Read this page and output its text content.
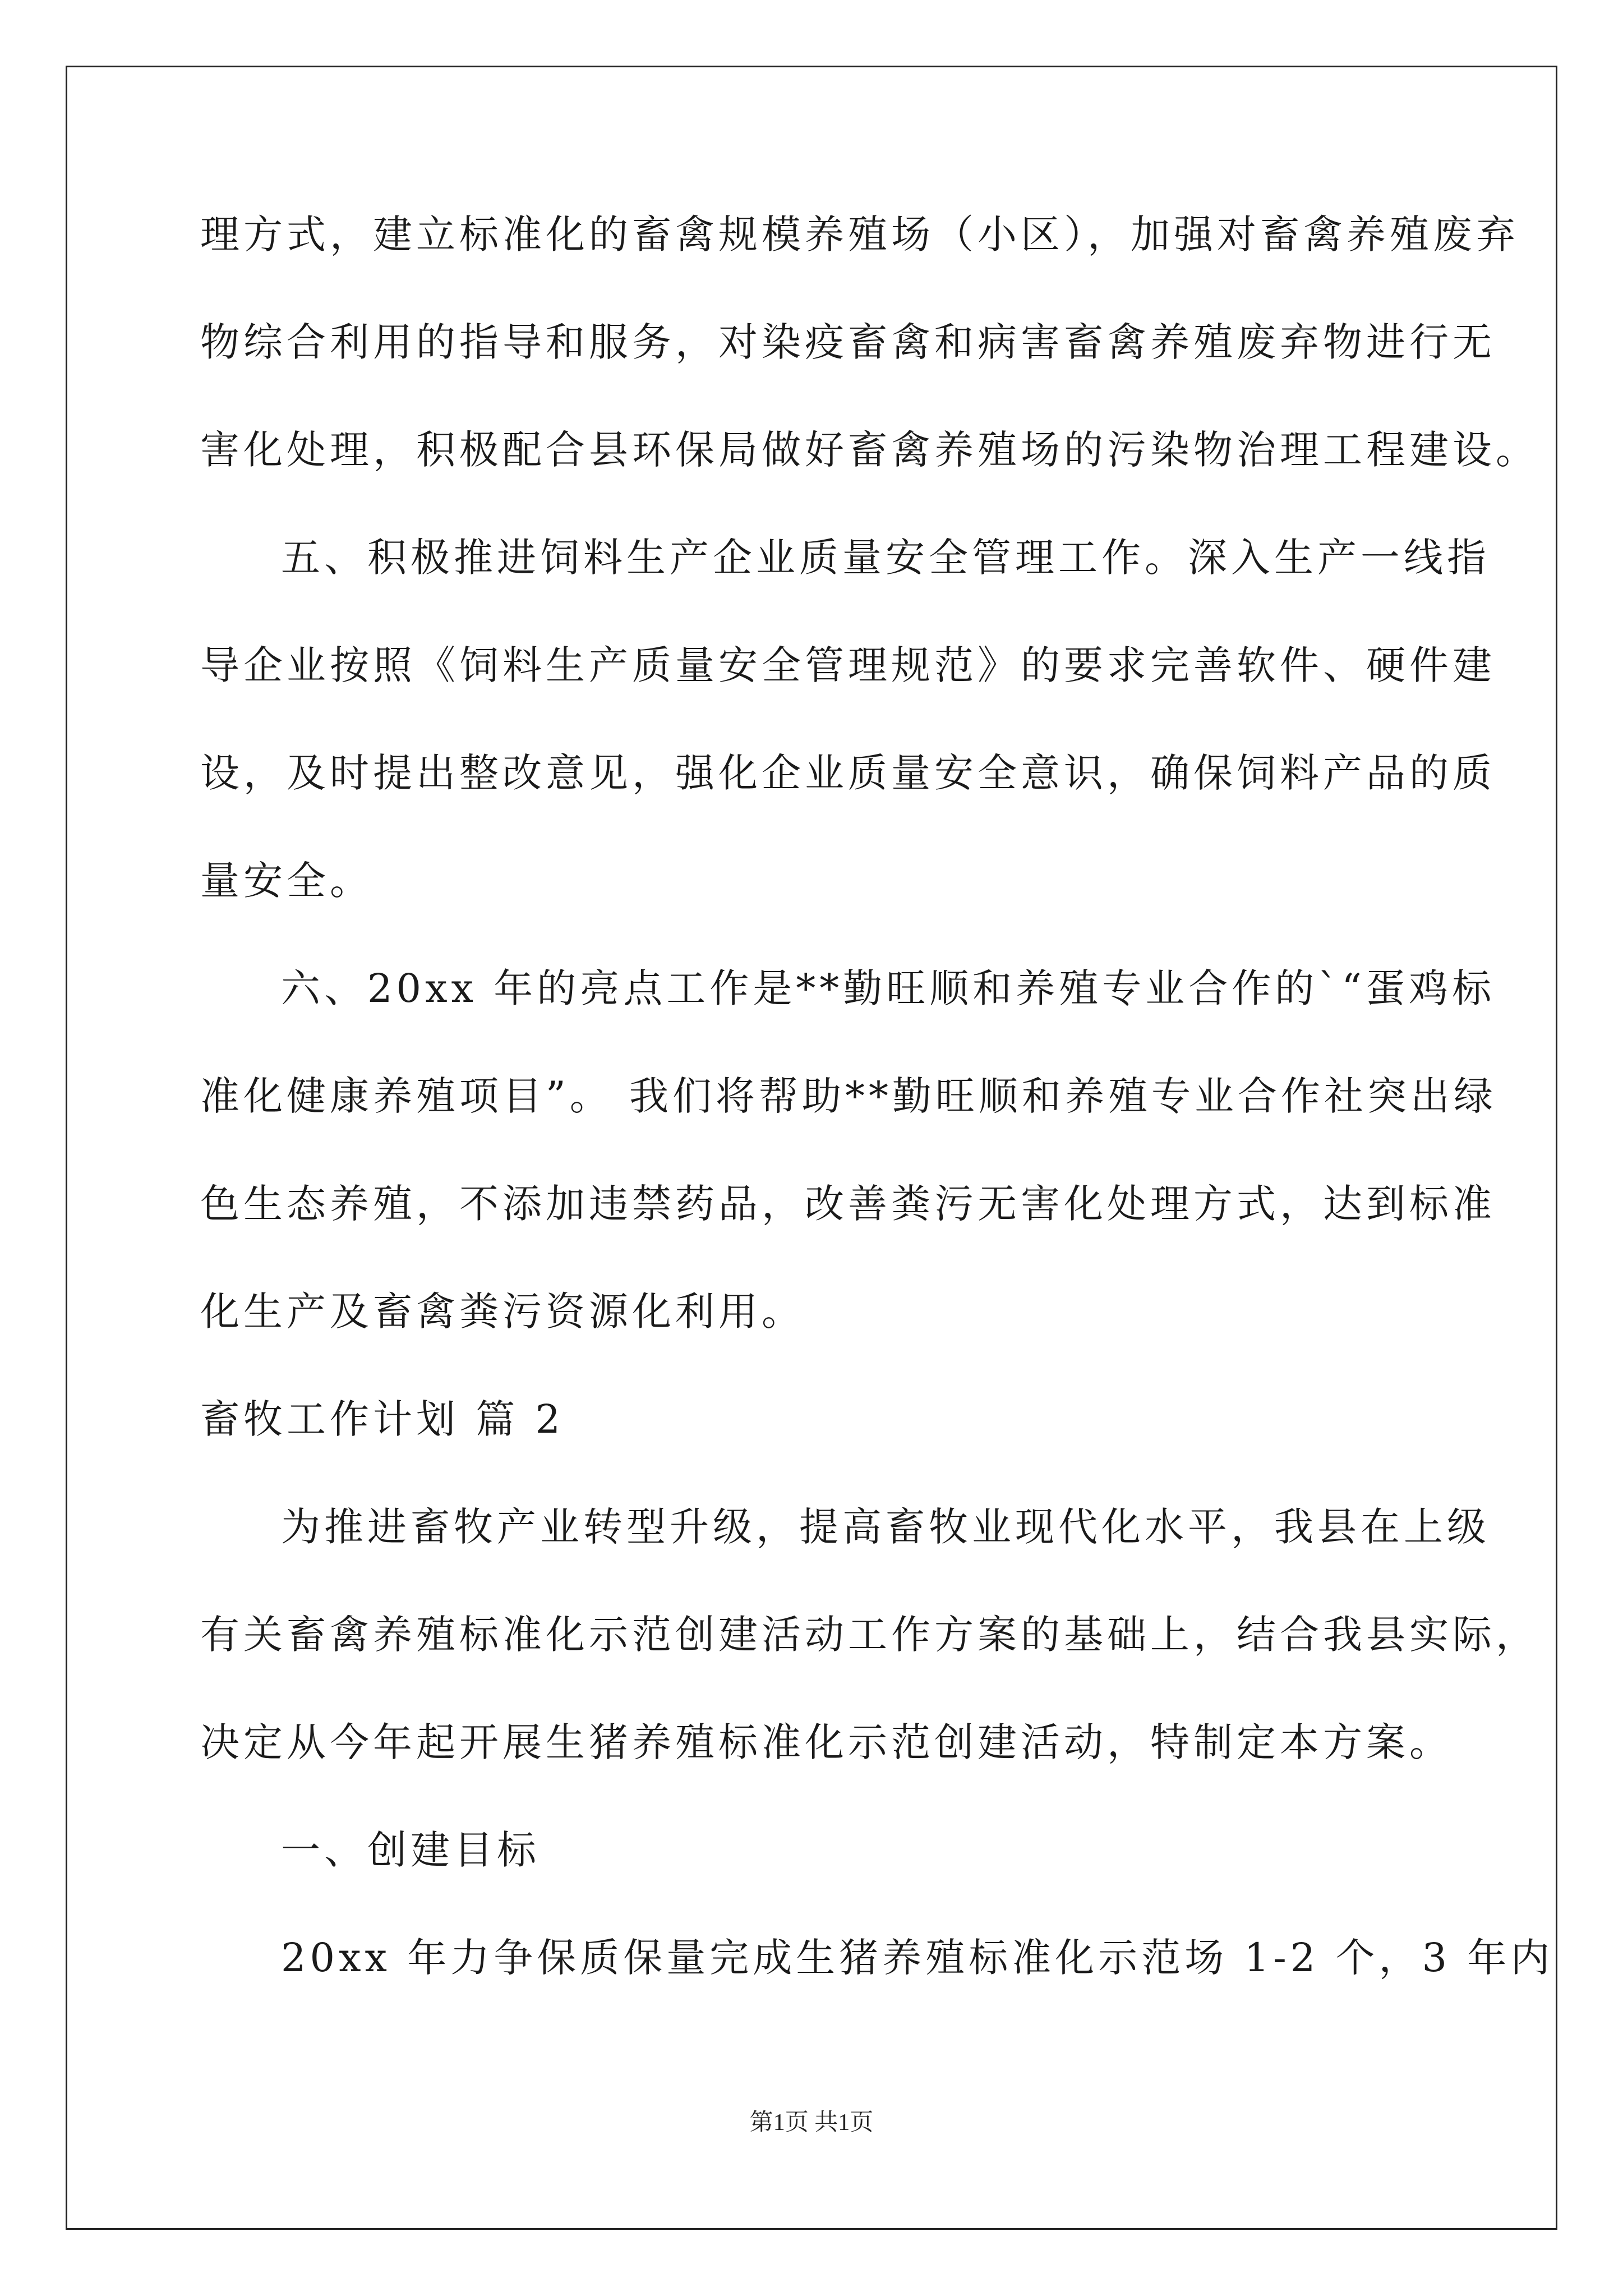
理方式，建立标准化的畜禽规模养殖场（小区），加强对畜禽养殖废弃
物综合利用的指导和服务，对染疫畜禽和病害畜禽养殖废弃物进行无
害化处理，积极配合县环保局做好畜禽养殖场的污染物治理工程建设。
五、积极推进饲料生产企业质量安全管理工作。深入生产一线指
导企业按照《饲料生产质量安全管理规范》的要求完善软件、硬件建
设，及时提出整改意见，强化企业质量安全意识，确保饲料产品的质
量安全。
六、20xx 年的亮点工作是**勤旺顺和养殖专业合作的`“蛋鸡标
准化健康养殖项目”。 我们将帮助**勤旺顺和养殖专业合作社突出绿
色生态养殖，不添加违禁药品，改善粪污无害化处理方式，达到标准
化生产及畜禽粪污资源化利用。
畜牧工作计划 篇 2
为推进畜牧产业转型升级，提高畜牧业现代化水平，我县在上级
有关畜禽养殖标准化示范创建活动工作方案的基础上，结合我县实际，
决定从今年起开展生猪养殖标准化示范创建活动，特制定本方案。
一、创建目标
20xx 年力争保质保量完成生猪养殖标准化示范场 1-2 个，3 年内
第1页 共1页
